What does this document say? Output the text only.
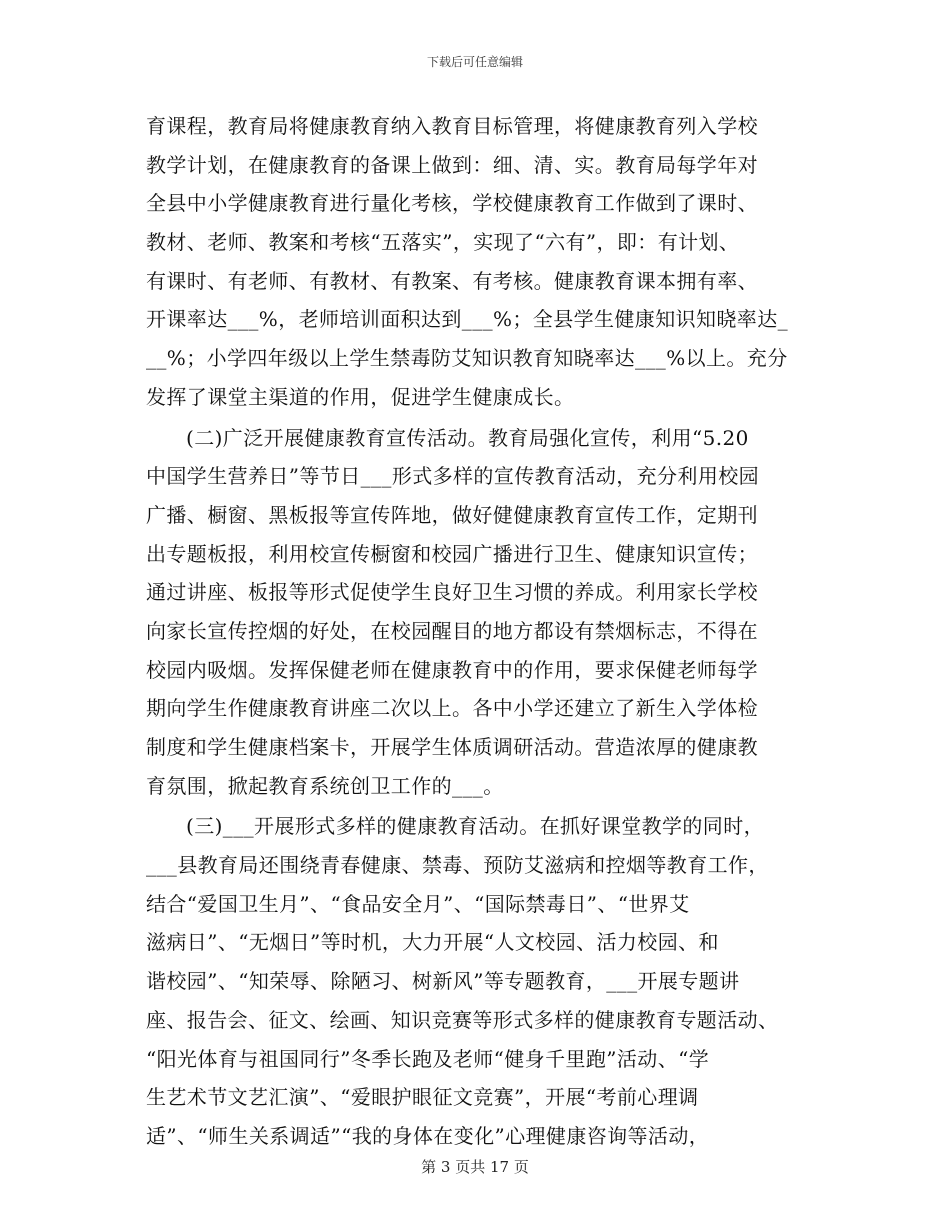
下载后可任意编辑
育课程，教育局将健康教育纳入教育目标管理，将健康教育列入学校
教学计划，在健康教育的备课上做到：细、清、实。教育局每学年对
全县中小学健康教育进行量化考核，学校健康教育工作做到了课时、
教材、老师、教案和考核“五落实”，实现了“六有”，即：有计划、
有课时、有老师、有教材、有教案、有考核。健康教育课本拥有率、
开课率达___%，老师培训面积达到___%；全县学生健康知识知晓率达_
__%；小学四年级以上学生禁毒防艾知识教育知晓率达___%以上。充分
发挥了课堂主渠道的作用，促进学生健康成长。
(二)广泛开展健康教育宣传活动。教育局强化宣传，利用“5.20
中国学生营养日”等节日___形式多样的宣传教育活动，充分利用校园
广播、橱窗、黑板报等宣传阵地，做好健健康教育宣传工作，定期刊
出专题板报，利用校宣传橱窗和校园广播进行卫生、健康知识宣传；
通过讲座、板报等形式促使学生良好卫生习惯的养成。利用家长学校
向家长宣传控烟的好处，在校园醒目的地方都设有禁烟标志，不得在
校园内吸烟。发挥保健老师在健康教育中的作用，要求保健老师每学
期向学生作健康教育讲座二次以上。各中小学还建立了新生入学体检
制度和学生健康档案卡，开展学生体质调研活动。营造浓厚的健康教
育氛围，掀起教育系统创卫工作的___。
(三)___开展形式多样的健康教育活动。在抓好课堂教学的同时，
___县教育局还围绕青春健康、禁毒、预防艾滋病和控烟等教育工作，
结合“爱国卫生月”、“食品安全月”、“国际禁毒日”、“世界艾
滋病日”、“无烟日”等时机，大力开展“人文校园、活力校园、和
谐校园”、“知荣辱、除陋习、树新风”等专题教育，___开展专题讲
座、报告会、征文、绘画、知识竞赛等形式多样的健康教育专题活动、
“阳光体育与祖国同行”冬季长跑及老师“健身千里跑”活动、“学
生艺术节文艺汇演”、“爱眼护眼征文竞赛”，开展“考前心理调
适”、“师生关系调适”“我的身体在变化”心理健康咨询等活动，
第 3 页共 17 页
